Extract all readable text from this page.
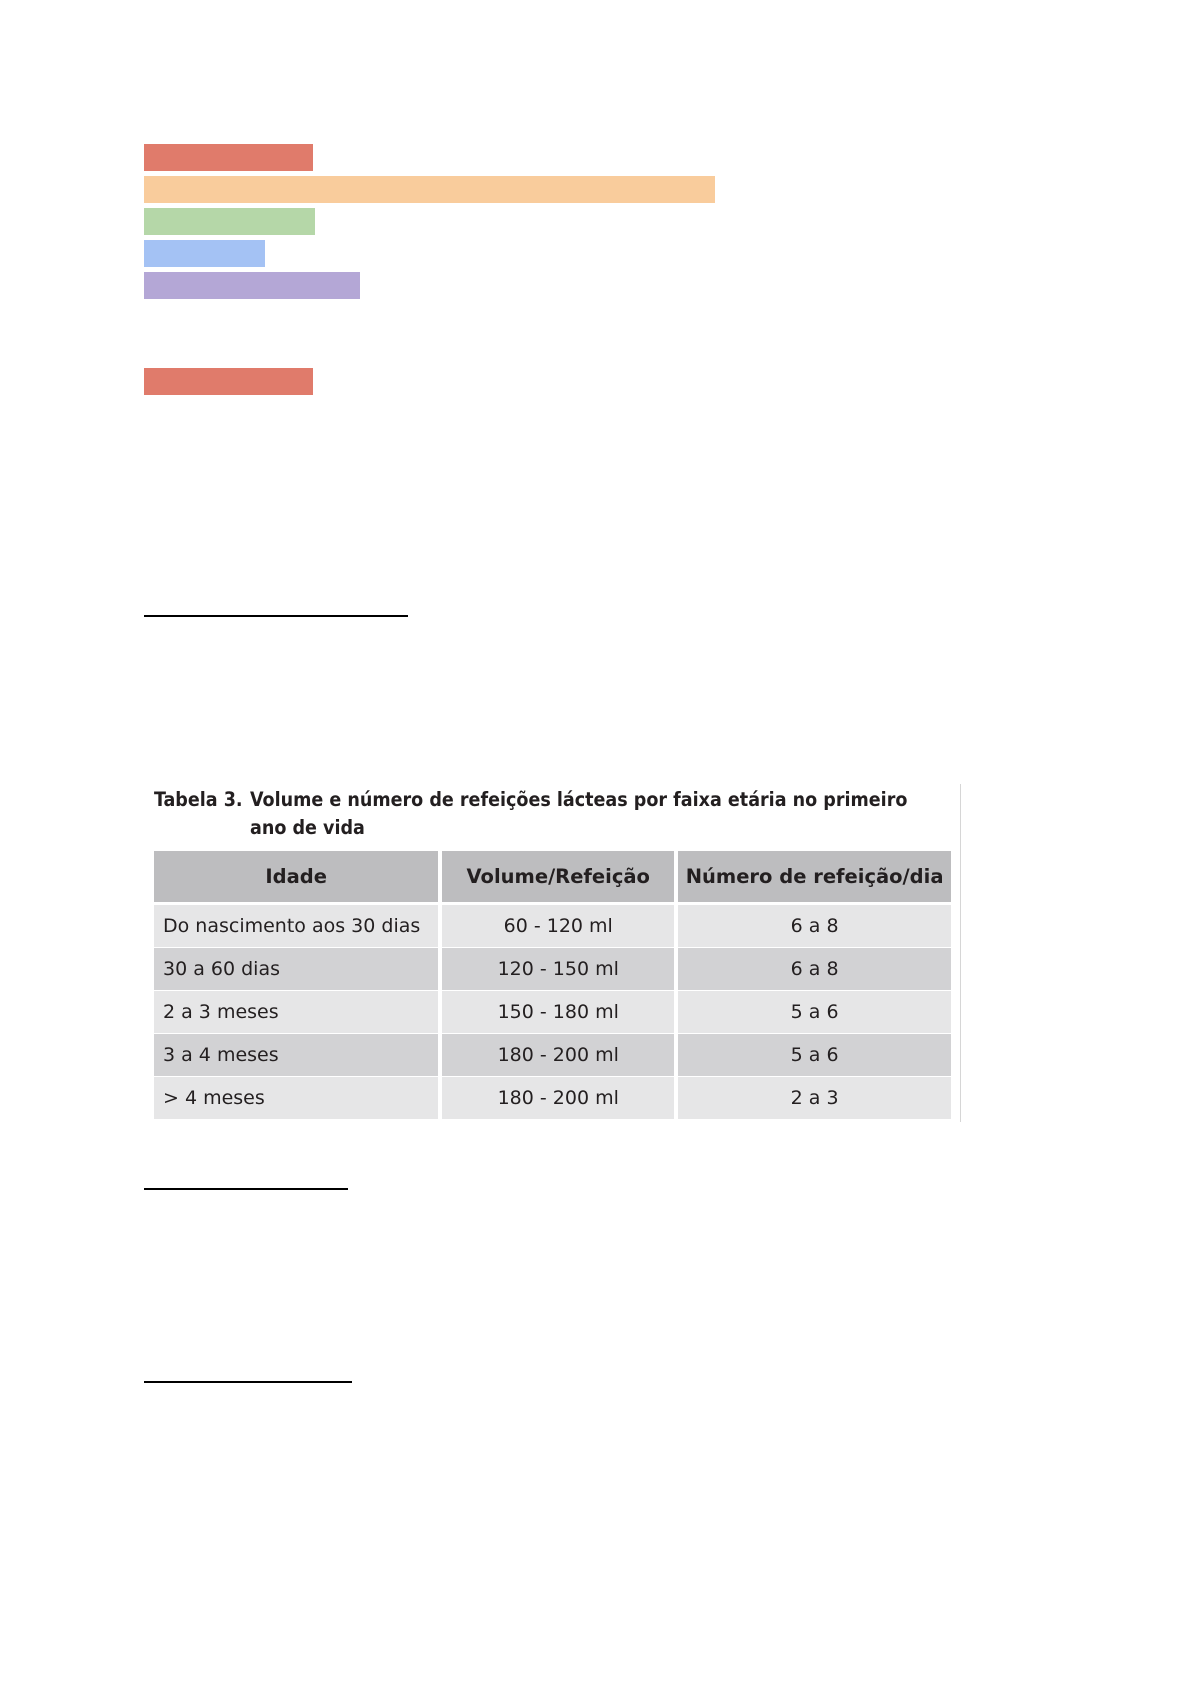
Tabela 3. Volume e número de refeições lácteas por faixa etária no primeiro
ano de vida

Idade	Volume/Refeição	Número de refeição/dia
Do nascimento aos 30 dias	60 - 120 ml	6 a 8
30 a 60 dias	120 - 150 ml	6 a 8
2 a 3 meses	150 - 180 ml	5 a 6
3 a 4 meses	180 - 200 ml	5 a 6
> 4 meses	180 - 200 ml	2 a 3
